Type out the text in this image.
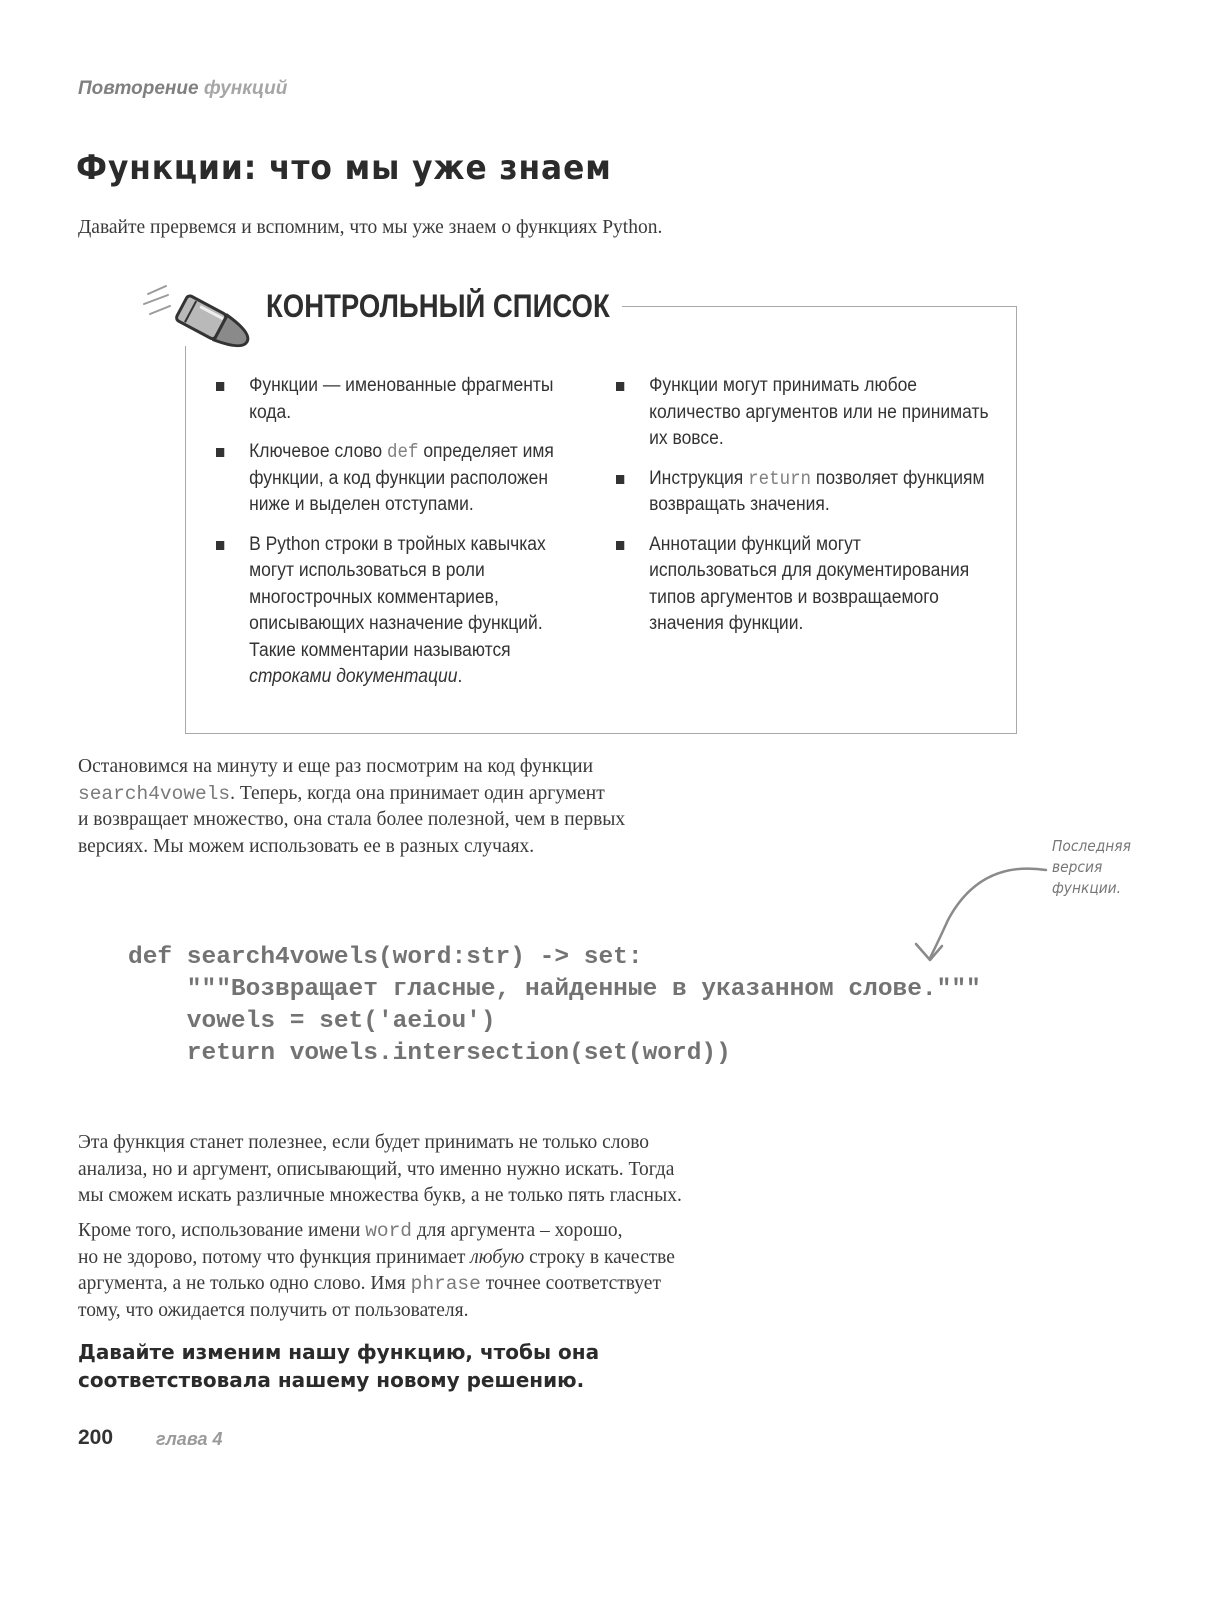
Повторение функций
Функции: что мы уже знаем
Давайте прервемся и вспомним, что мы уже знаем о функциях Python.
КОНТРОЛЬНЫЙ СПИСОК
Функции — именованные фрагменты кода.
Ключевое слово def определяет имя функции, а код функции расположен ниже и выделен отступами.
В Python строки в тройных кавычках могут использоваться в роли многострочных комментариев, описывающих назначение функций. Такие комментарии называются строками документации.
Функции могут принимать любое количество аргументов или не принимать их вовсе.
Инструкция return позволяет функциям возвращать значения.
Аннотации функций могут использоваться для документирования типов аргументов и возвращаемого значения функции.
Остановимся на минуту и еще раз посмотрим на код функции
search4vowels. Теперь, когда она принимает один аргумент
и возвращает множество, она стала более полезной, чем в первых
версиях. Мы можем использовать ее в разных случаях.	Последняя
версия
функции.
def search4vowels(word:str) -> set:
"""Возвращает гласные, найденные в указанном слове."""
vowels = set('aeiou')
return vowels.intersection(set(word))
Эта функция станет полезнее, если будет принимать не только слово
анализа, но и аргумент, описывающий, что именно нужно искать. Тогда
мы сможем искать различные множества букв, а не только пять гласных.
Кроме того, использование имени word для аргумента – хорошо,
но не здорово, потому что функция принимает любую строку в качестве
аргумента, а не только одно слово. Имя phrase точнее соответствует
тому, что ожидается получить от пользователя.
Давайте изменим нашу функцию, чтобы она
соответствовала нашему новому решению.
200 глава 4
